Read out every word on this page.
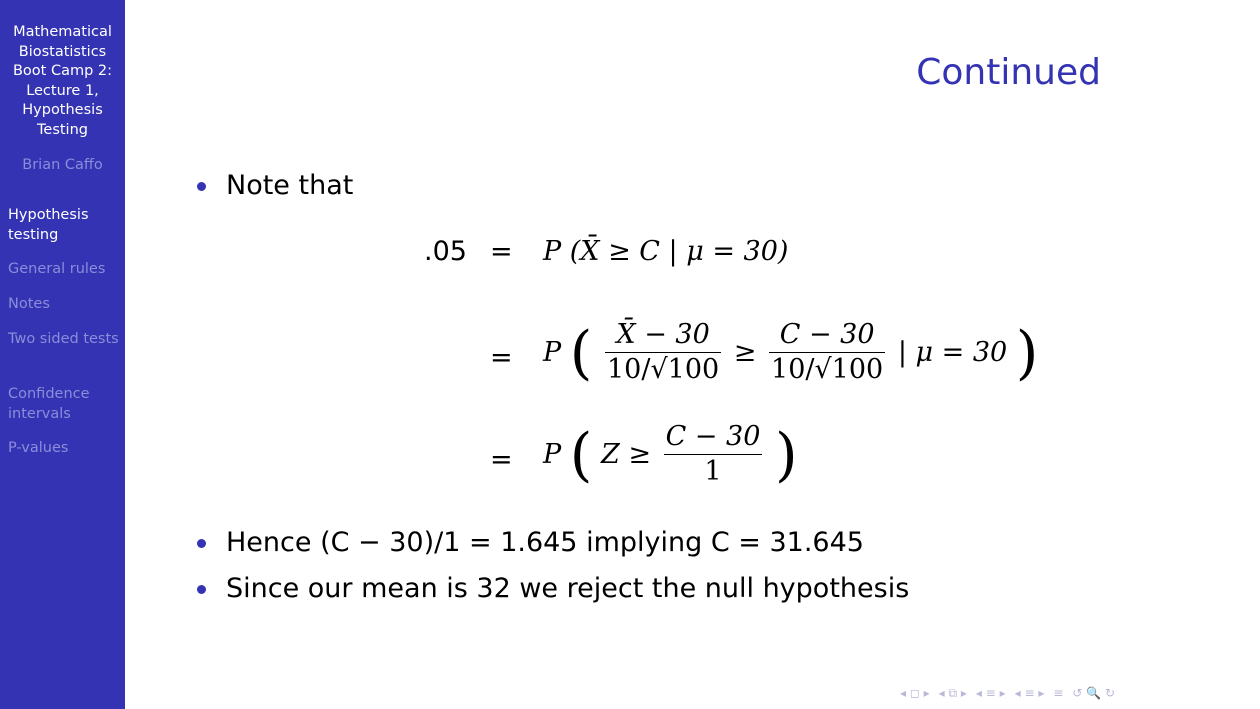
Mathematical Biostatistics Boot Camp 2: Lecture 1, Hypothesis Testing
Brian Caffo
Hypothesis testing
General rules
Notes
Two sided tests
Confidence intervals
P-values
Continued
Note that
.05 = P (X̄ ≥ C | μ = 30)
= P ( $\frac{X̄ - 30}{10/√100} \ge \frac{C - 30}{10/√100}$ | μ = 30 )
= P ( $Z \ge \frac{C - 30}{1}$ )
Hence (C − 30)/1 = 1.645 implying C = 31.645
Since our mean is 32 we reject the null hypothesis
◂ ◻ ▸ ◂ ⧉ ▸ ◂ ≡ ▸ ◂ ≡ ▸ ≡ ↺ 🔍 ↻
